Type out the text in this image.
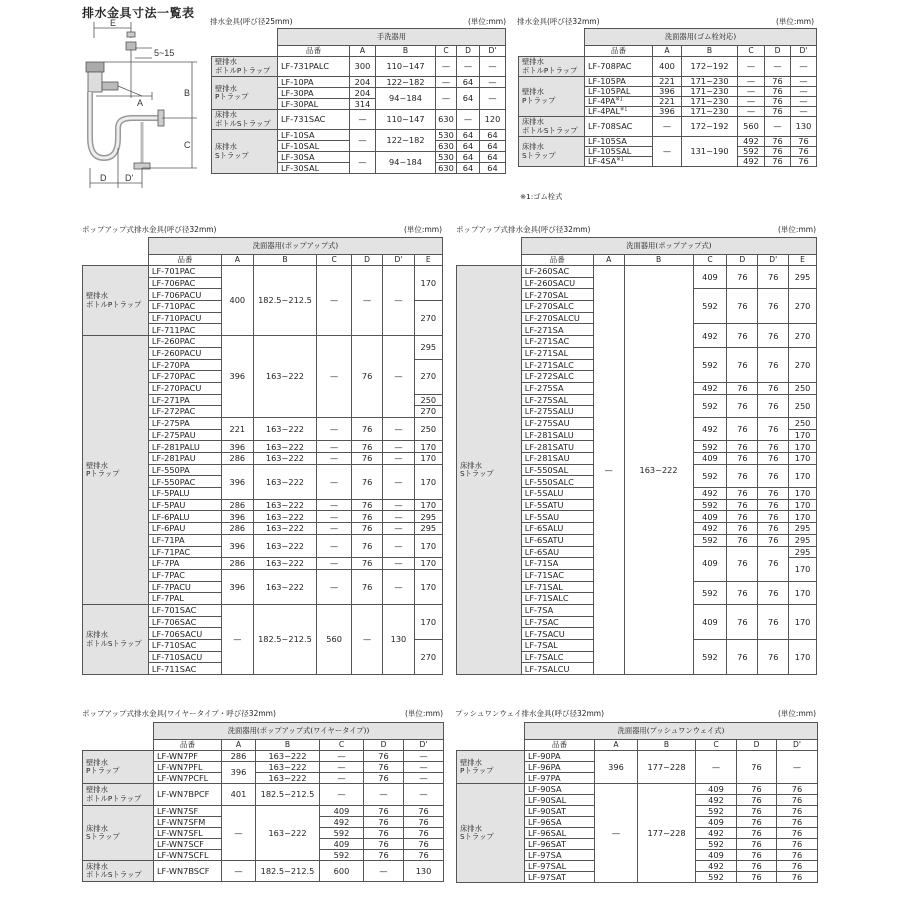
排水金具寸法一覧表
E
5~15
A
B
C
D D'
排水金具(呼び径25mm)	(単位:mm)
	手洗器用					
	品番	A	B	C	D	D'
壁排水
ボトルPトラップ	LF-731PALC	300	110~147	—	—	—
壁排水
Pトラップ	LF-10PA	204	122~182	—	64	—
	LF-30PA	204	94~184	—	64	—
	LF-30PAL	314				
床排水
ボトルSトラップ	LF-731SAC	—	110~147	630	—	120
床排水
Sトラップ	LF-10SA	—	122~182	530	64	64
	LF-10SAL			630	64	64
	LF-30SA	—	94~184	530	64	64
	LF-30SAL			630	64	64
排水金具(呼び径32mm)	(単位:mm)
	洗面器用(ゴム栓対応)					
	品番	A	B	C	D	D'
壁排水
ボトルPトラップ	LF-708PAC	400	172~192	—	—	—
壁排水
Pトラップ	LF-105PA	221	171~230	—	76	—
	LF-105PAL	396	171~230	—	76	—
	LF-4PA$^{※1}$	221	171~230	—	76	—
	LF-4PAL$^{※1}$	396	171~230	—	76	—
床排水
ボトルSトラップ	LF-708SAC	—	172~192	560	—	130
床排水
Sトラップ	LF-105SA	—	131~190	492	76	76
	LF-105SAL			592	76	76
	LF-4SA$^{※1}$			492	76	76
※1:ゴム栓式
ポップアップ式排水金具(呼び径32mm)	(単位:mm)
	洗面器用(ポップアップ式)						
	品番	A	B	C	D	D'	E
壁排水
ボトルPトラップ	LF-701PAC	400	182.5~212.5	—	—	—	170
	LF-706PAC						
	LF-706PACU						
	LF-710PAC						270
	LF-710PACU						
	LF-711PAC						
壁排水
Pトラップ	LF-260PAC	396	163~222	—	76	—	295
	LF-260PACU						
	LF-270PA						270
	LF-270PAC						
	LF-270PACU						
	LF-271PA						250
	LF-272PAC						270
	LF-275PA	221	163~222	—	76	—	250
	LF-275PAU						
	LF-281PALU	396	163~222	—	76	—	170
	LF-281PAU	286	163~222	—	76	—	170
	LF-550PA	396	163~222	—	76	—	170
	LF-550PAC						
	LF-5PALU						
	LF-5PAU	286	163~222	—	76	—	170
	LF-6PALU	396	163~222	—	76	—	295
	LF-6PAU	286	163~222	—	76	—	295
	LF-71PA	396	163~222	—	76	—	170
	LF-71PAC						
	LF-7PA	286	163~222	—	76	—	170
	LF-7PAC	396	163~222	—	76	—	170
	LF-7PACU						
	LF-7PAL						
床排水
ボトルSトラップ	LF-701SAC	—	182.5~212.5	560	—	130	170
	LF-706SAC						
	LF-706SACU						
	LF-710SAC						270
	LF-710SACU						
	LF-711SAC						
ポップアップ式排水金具(呼び径32mm)	(単位:mm)
	洗面器用(ポップアップ式)						
	品番	A	B	C	D	D'	E
床排水
Sトラップ	LF-260SAC	—	163~222	409	76	76	295
	LF-260SACU						
	LF-270SAL			592	76	76	270
	LF-270SALC						
	LF-270SALCU						
	LF-271SA			492	76	76	270
	LF-271SAC						
	LF-271SAL			592	76	76	270
	LF-271SALC						
	LF-272SALC						
	LF-275SA			492	76	76	250
	LF-275SAL			592	76	76	250
	LF-275SALU						
	LF-275SAU			492	76	76	250
	LF-281SALU						170
	LF-281SATU			592	76	76	170
	LF-281SAU			409	76	76	170
	LF-550SAL			592	76	76	170
	LF-550SALC						
	LF-5SALU			492	76	76	170
	LF-5SATU			592	76	76	170
	LF-5SAU			409	76	76	170
	LF-6SALU			492	76	76	295
	LF-6SATU			592	76	76	295
	LF-6SAU			409	76	76	295
	LF-71SA						170
	LF-71SAC						
	LF-71SAL			592	76	76	170
	LF-71SALC						
	LF-7SA			409	76	76	170
	LF-7SAC						
	LF-7SACU						
	LF-7SAL			592	76	76	170
	LF-7SALC						
	LF-7SALCU						
ポップアップ式排水金具(ワイヤータイプ・呼び径32mm)	(単位:mm)
	洗面器用(ポップアップ式(ワイヤータイプ))					
	品番	A	B	C	D	D'
壁排水
Pトラップ	LF-WN7PF	286	163~222	—	76	—
	LF-WN7PFL	396	163~222	—	76	—
	LF-WN7PCFL		163~222	—	76	—
壁排水
ボトルPトラップ	LF-WN7BPCF	401	182.5~212.5	—	—	—
床排水
Sトラップ	LF-WN7SF	—	163~222	409	76	76
	LF-WN7SFM			492	76	76
	LF-WN7SFL			592	76	76
	LF-WN7SCF			409	76	76
	LF-WN7SCFL			592	76	76
床排水
ボトルSトラップ	LF-WN7BSCF	—	182.5~212.5	600	—	130
プッシュワンウェイ排水金具(呼び径32mm)	(単位:mm)
	洗面器用(プッシュワンウェイ式)					
	品番	A	B	C	D	D'
壁排水
Pトラップ	LF-90PA	396	177~228	—	76	—
	LF-96PA					
	LF-97PA					
床排水
Sトラップ	LF-90SA	—	177~228	409	76	76
	LF-90SAL			492	76	76
	LF-90SAT			592	76	76
	LF-96SA			409	76	76
	LF-96SAL			492	76	76
	LF-96SAT			592	76	76
	LF-97SA			409	76	76
	LF-97SAL			492	76	76
	LF-97SAT			592	76	76
